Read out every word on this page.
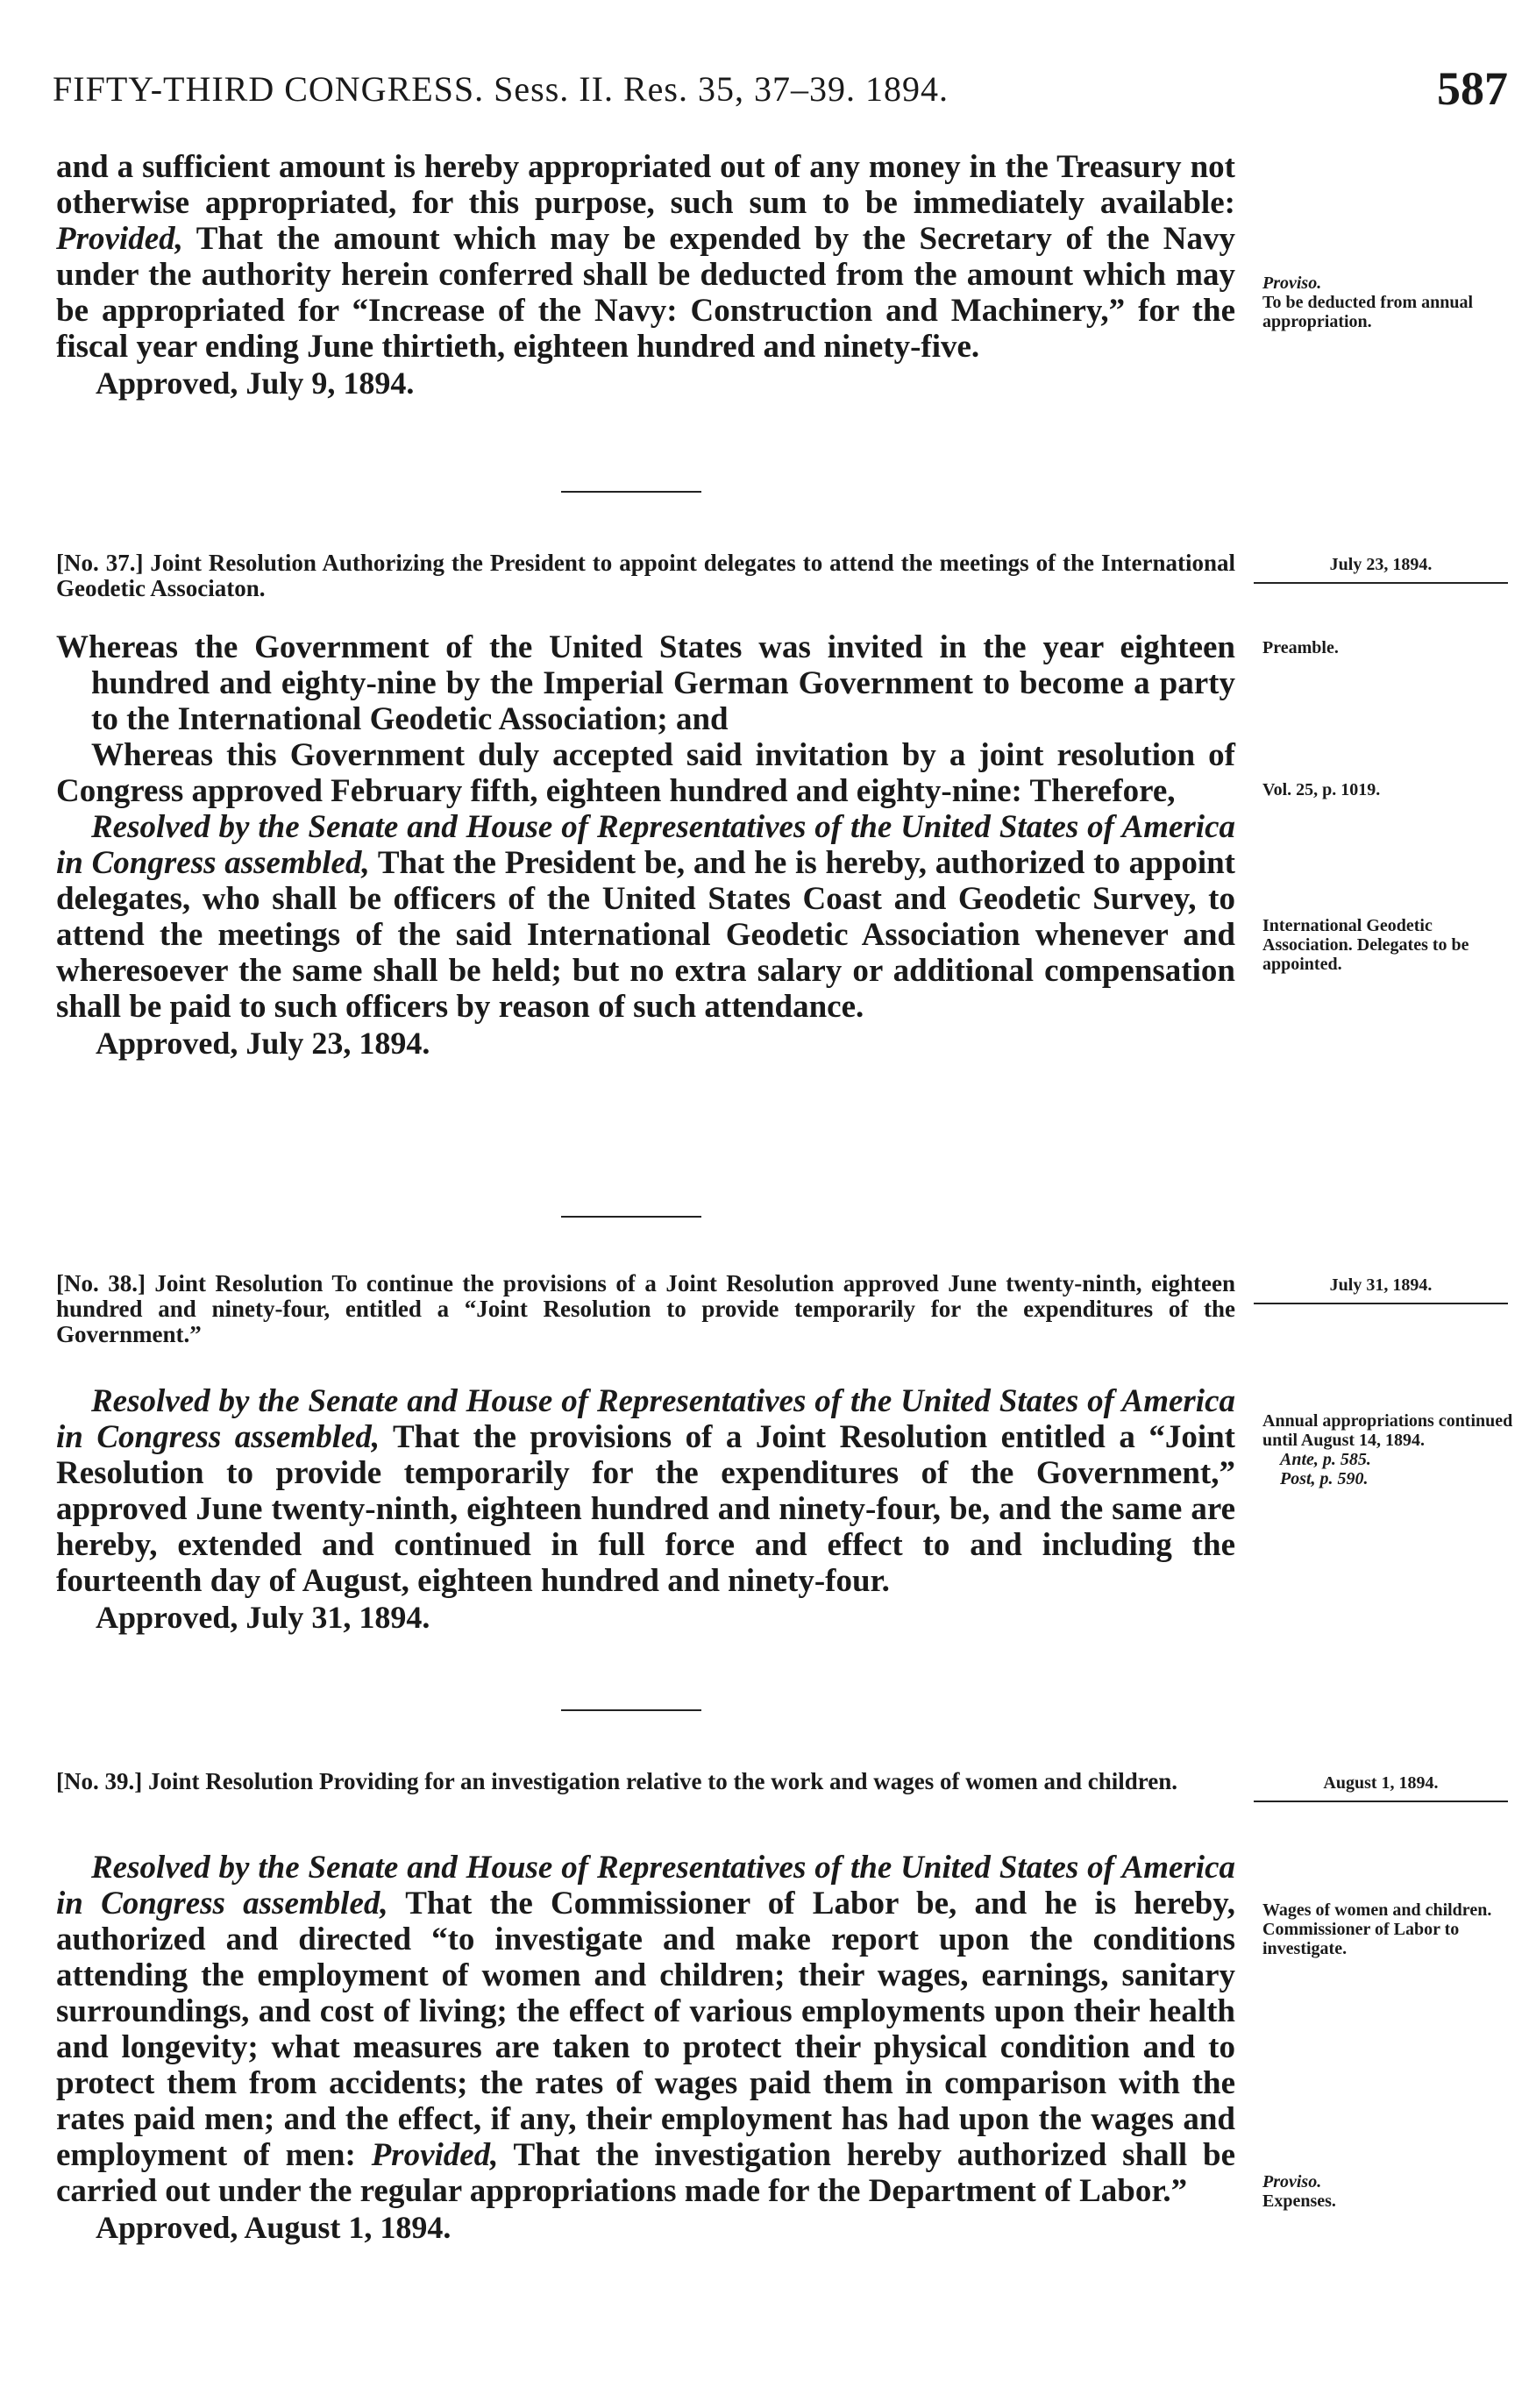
FIFTY-THIRD CONGRESS. Sess. II. Res. 35, 37–39. 1894.	587

and a sufficient amount is hereby appropriated out of any money in the Treasury not otherwise appropriated, for this purpose, such sum to be immediately available: Provided, That the amount which may be expended by the Secretary of the Navy under the authority herein conferred shall be deducted from the amount which may be appropriated for “Increase of the Navy: Construction and Machinery,” for the fiscal year ending June thirtieth, eighteen hundred and ninety-five.

Approved, July 9, 1894.

Proviso.

To be deducted from annual appropriation.

[No. 37.] Joint Resolution Authorizing the President to appoint delegates to attend the meetings of the International Geodetic Associaton.
July 23, 1894.

Whereas the Government of the United States was invited in the year eighteen hundred and eighty-nine by the Imperial German Government to become a party to the International Geodetic Association; and

Whereas this Government duly accepted said invitation by a joint resolution of Congress approved February fifth, eighteen hundred and eighty-nine: Therefore,

Resolved by the Senate and House of Representatives of the United States of America in Congress assembled, That the President be, and he is hereby, authorized to appoint delegates, who shall be officers of the United States Coast and Geodetic Survey, to attend the meetings of the said International Geodetic Association whenever and wheresoever the same shall be held; but no extra salary or additional compensation shall be paid to such officers by reason of such attendance.

Approved, July 23, 1894.

Preamble.

Vol. 25, p. 1019.

International Geodetic Association. Delegates to be appointed.

[No. 38.] Joint Resolution To continue the provisions of a Joint Resolution approved June twenty-ninth, eighteen hundred and ninety-four, entitled a “Joint Resolution to provide temporarily for the expenditures of the Government.”
July 31, 1894.

Resolved by the Senate and House of Representatives of the United States of America in Congress assembled, That the provisions of a Joint Resolution entitled a “Joint Resolution to provide temporarily for the expenditures of the Government,” approved June twenty-ninth, eighteen hundred and ninety-four, be, and the same are hereby, extended and continued in full force and effect to and including the fourteenth day of August, eighteen hundred and ninety-four.

Approved, July 31, 1894.

Annual appropriations continued until August 14, 1894.

Ante, p. 585.

Post, p. 590.

[No. 39.] Joint Resolution Providing for an investigation relative to the work and wages of women and children.	August 1, 1894.

Resolved by the Senate and House of Representatives of the United States of America in Congress assembled, That the Commissioner of Labor be, and he is hereby, authorized and directed “to investigate and make report upon the conditions attending the employment of women and children; their wages, earnings, sanitary surroundings, and cost of living; the effect of various employments upon their health and longevity; what measures are taken to protect their physical condition and to protect them from accidents; the rates of wages paid them in comparison with the rates paid men; and the effect, if any, their employment has had upon the wages and employment of men: Provided, That the investigation hereby authorized shall be carried out under the regular appropriations made for the Department of Labor.”

Approved, August 1, 1894.

Wages of women and children. Commissioner of Labor to investigate.

Proviso.

Expenses.
